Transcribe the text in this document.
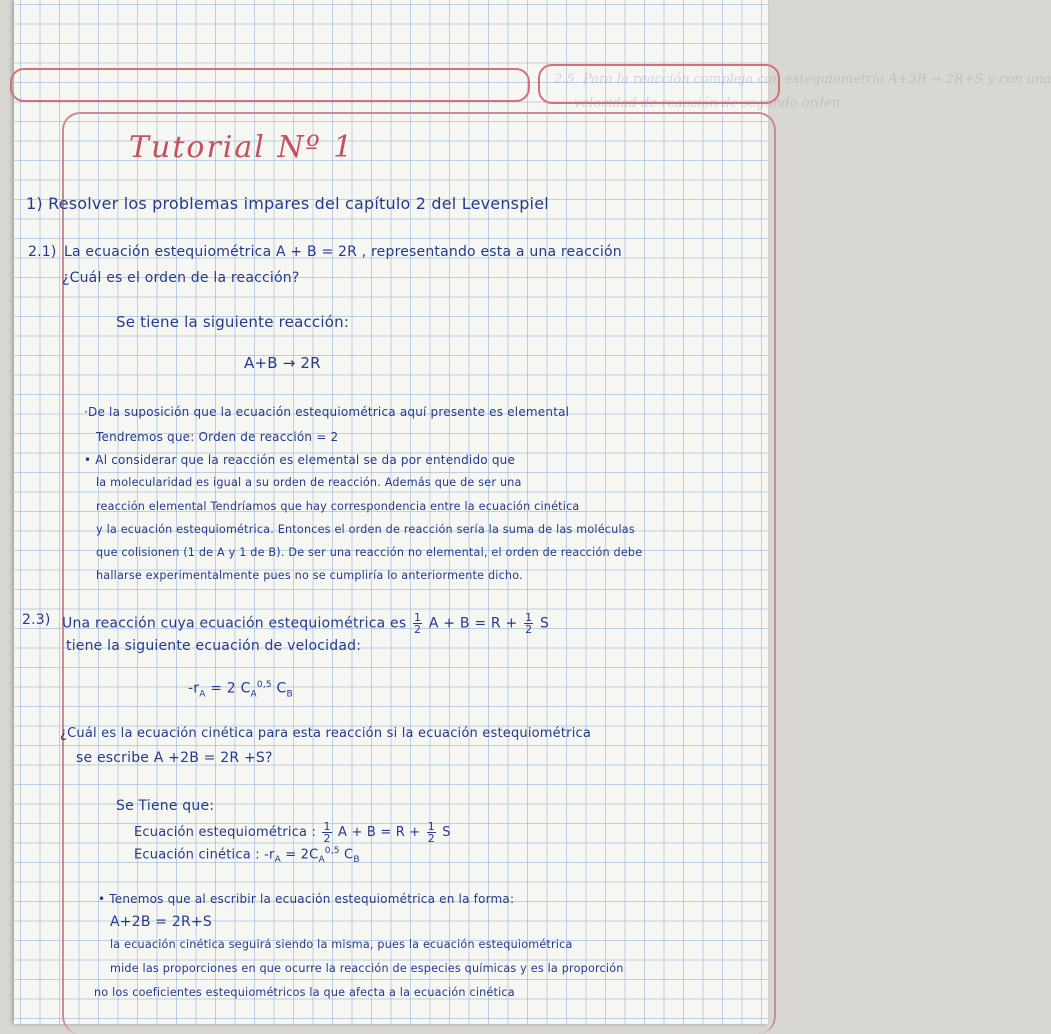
2.5. Para la reacción compleja con estequiometría A+3B → 2R+S y con una
velocidad de reacción de segundo orden
Tutorial Nº 1
1) Resolver los problemas impares del capítulo 2 del Levenspiel
2.1) La ecuación estequiométrica A + B = 2R , representando esta a una reacción
¿Cuál es el orden de la reacción?
Se tiene la siguiente reacción:
A+B → 2R
·De la suposición que la ecuación estequiométrica aquí presente es elemental
Tendremos que: Orden de reacción = 2
• Al considerar que la reacción es elemental se da por entendido que
la molecularidad es igual a su orden de reacción. Además que de ser una
reacción elemental Tendríamos que hay correspondencia entre la ecuación cinética
y la ecuación estequiométrica. Entonces el orden de reacción sería la suma de las moléculas
que colisionen (1 de A y 1 de B). De ser una reacción no elemental, el orden de reacción debe
hallarse experimentalmente pues no se cumpliría lo anteriormente dicho.
2.3) Una reacción cuya ecuación estequiométrica es $\frac{1}{2}$ $A + B = R + \frac{1}{2}$ S
tiene la siguiente ecuación de velocidad:
$-r_A = 2$ $C_A^{0,5}$ $C_B$
¿Cuál es la ecuación cinética para esta reacción si la ecuación estequiométrica
se escribe A +2B = 2R +S?
Se Tiene que:
Ecuación estequiométrica : $\frac{1}{2}$ $A + B = R + \frac{1}{2}$ S
Ecuación cinética : $-r_A = 2C_A^{0,5}$ $C_B$
• Tenemos que al escribir la ecuación estequiométrica en la forma:
A+2B = 2R+S
la ecuación cinética seguirá siendo la misma, pues la ecuación estequiométrica
mide las proporciones en que ocurre la reacción de especies químicas y es la proporción
no los coeficientes estequiométricos la que afecta a la ecuación cinética
